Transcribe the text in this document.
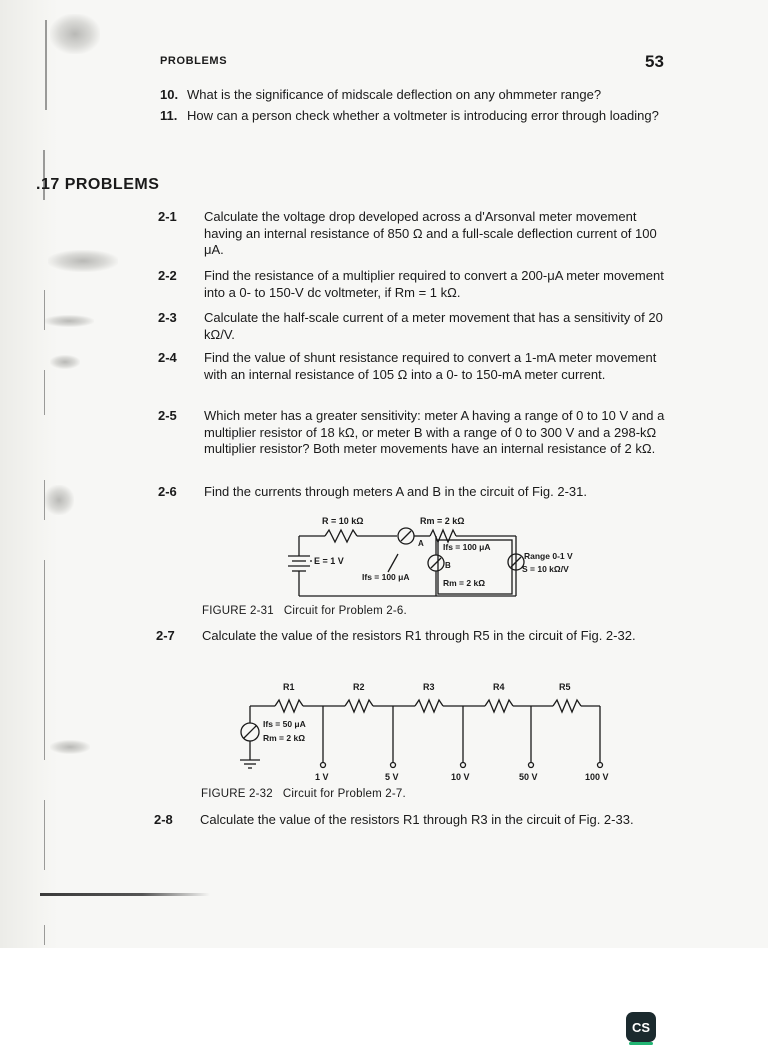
PROBLEMS	53
10. What is the significance of midscale deflection on any ohmmeter range?
11. How can a person check whether a voltmeter is introducing error through loading?
.17 PROBLEMS
2-1 Calculate the voltage drop developed across a d'Arsonval meter movement having an internal resistance of 850 Ω and a full-scale deflection current of 100 μA.
2-2 Find the resistance of a multiplier required to convert a 200-μA meter movement into a 0- to 150-V dc voltmeter, if Rm = 1 kΩ.
2-3 Calculate the half-scale current of a meter movement that has a sensitivity of 20 kΩ/V.
2-4 Find the value of shunt resistance required to convert a 1-mA meter movement with an internal resistance of 105 Ω into a 0- to 150-mA meter current.
2-5 Which meter has a greater sensitivity: meter A having a range of 0 to 10 V and a multiplier resistor of 18 kΩ, or meter B with a range of 0 to 300 V and a 298-kΩ multiplier resistor? Both meter movements have an internal resistance of 2 kΩ.
2-6 Find the currents through meters A and B in the circuit of Fig. 2-31.
R = 10 kΩ	Rm = 2 kΩ
A
B
Ifs = 100 μA
E = 1 V
Ifs = 100 μA
Rm = 2 kΩ
Range 0-1 V
S = 10 kΩ/V
FIGURE 2-31 Circuit for Problem 2-6.
2-7 Calculate the value of the resistors R1 through R5 in the circuit of Fig. 2-32.
R1	R2	R3	R4	R5
Ifs = 50 μA
Rm = 2 kΩ
1 V	5 V	10 V	50 V	100 V
FIGURE 2-32 Circuit for Problem 2-7.
2-8 Calculate the value of the resistors R1 through R3 in the circuit of Fig. 2-33.
CS
